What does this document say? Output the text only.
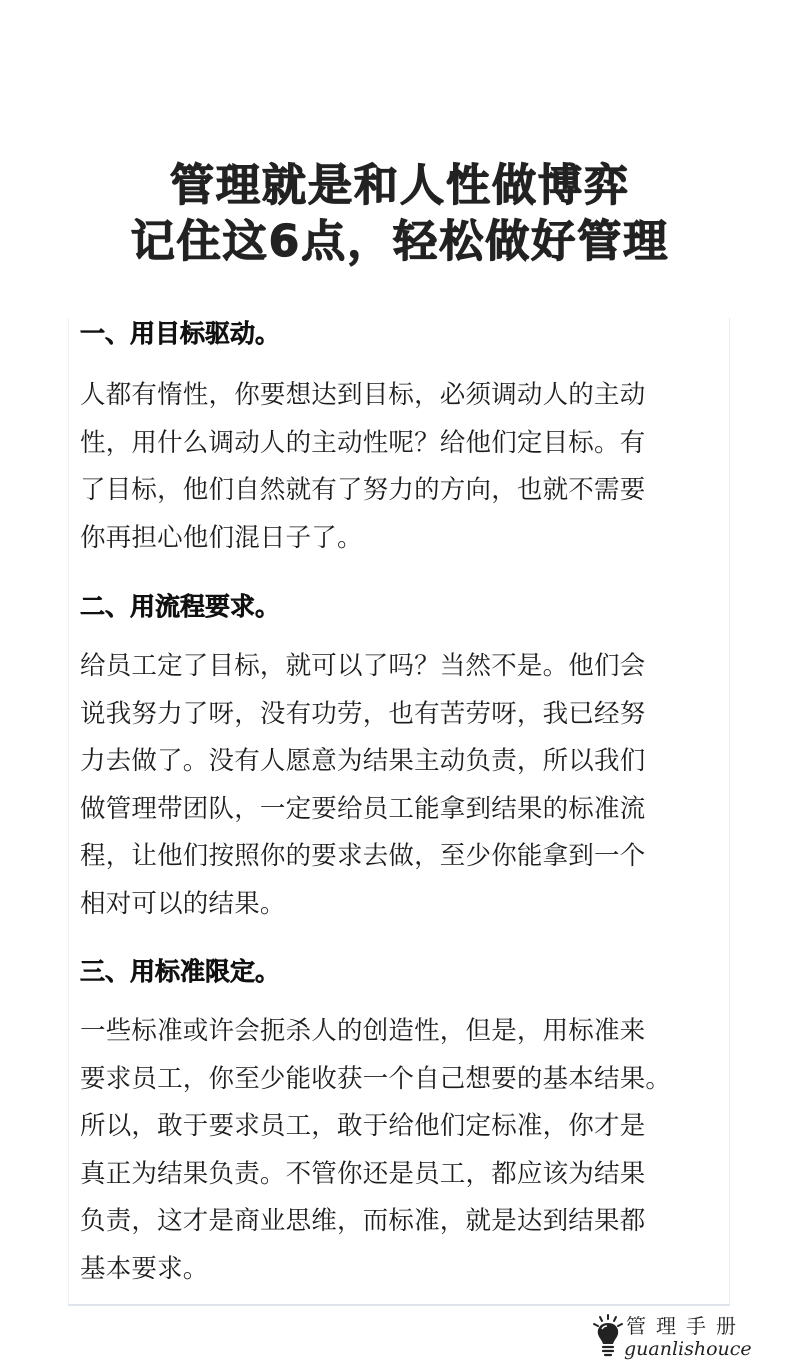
管理就是和人性做博弈
记住这6点，轻松做好管理
一、用目标驱动。

人都有惰性，你要想达到目标，必须调动人的主动
性，用什么调动人的主动性呢？给他们定目标。有
了目标，他们自然就有了努力的方向，也就不需要
你再担心他们混日子了。

二、用流程要求。

给员工定了目标，就可以了吗？当然不是。他们会
说我努力了呀，没有功劳，也有苦劳呀，我已经努
力去做了。没有人愿意为结果主动负责，所以我们
做管理带团队，一定要给员工能拿到结果的标准流
程，让他们按照你的要求去做，至少你能拿到一个
相对可以的结果。

三、用标准限定。

一些标准或许会扼杀人的创造性，但是，用标准来
要求员工，你至少能收获一个自己想要的基本结果。
所以，敢于要求员工，敢于给他们定标准，你才是
真正为结果负责。不管你还是员工，都应该为结果
负责，这才是商业思维，而标准，就是达到结果都
基本要求。

管理手册
guanlishouce
